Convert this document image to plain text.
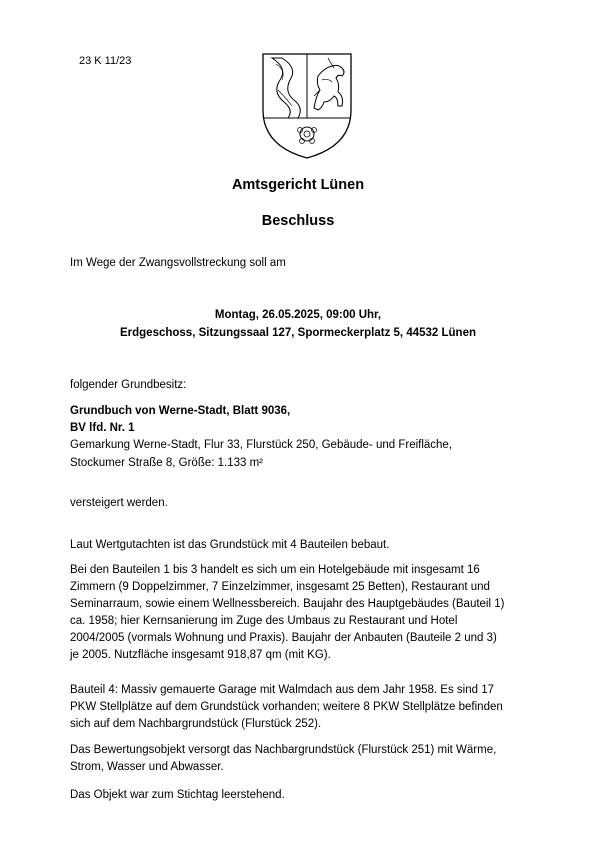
23 K 11/23
Amtsgericht Lünen
Beschluss
Im Wege der Zwangsvollstreckung soll am
Montag, 26.05.2025, 09:00 Uhr,
Erdgeschoss, Sitzungssaal 127, Spormeckerplatz 5, 44532 Lünen
folgender Grundbesitz:
Grundbuch von Werne-Stadt, Blatt 9036,
BV lfd. Nr. 1
Gemarkung Werne-Stadt, Flur 33, Flurstück 250, Gebäude- und Freifläche,
Stockumer Straße 8, Größe: 1.133 m²
versteigert werden.
Laut Wertgutachten ist das Grundstück mit 4 Bauteilen bebaut.
Bei den Bauteilen 1 bis 3 handelt es sich um ein Hotelgebäude mit insgesamt 16
Zimmern (9 Doppelzimmer, 7 Einzelzimmer, insgesamt 25 Betten), Restaurant und
Seminarraum, sowie einem Wellnessbereich. Baujahr des Hauptgebäudes (Bauteil 1)
ca. 1958; hier Kernsanierung im Zuge des Umbaus zu Restaurant und Hotel
2004/2005 (vormals Wohnung und Praxis). Baujahr der Anbauten (Bauteile 2 und 3)
je 2005. Nutzfläche insgesamt 918,87 qm (mit KG).
Bauteil 4: Massiv gemauerte Garage mit Walmdach aus dem Jahr 1958. Es sind 17
PKW Stellplätze auf dem Grundstück vorhanden; weitere 8 PKW Stellplätze befinden
sich auf dem Nachbargrundstück (Flurstück 252).
Das Bewertungsobjekt versorgt das Nachbargrundstück (Flurstück 251) mit Wärme,
Strom, Wasser und Abwasser.
Das Objekt war zum Stichtag leerstehend.
